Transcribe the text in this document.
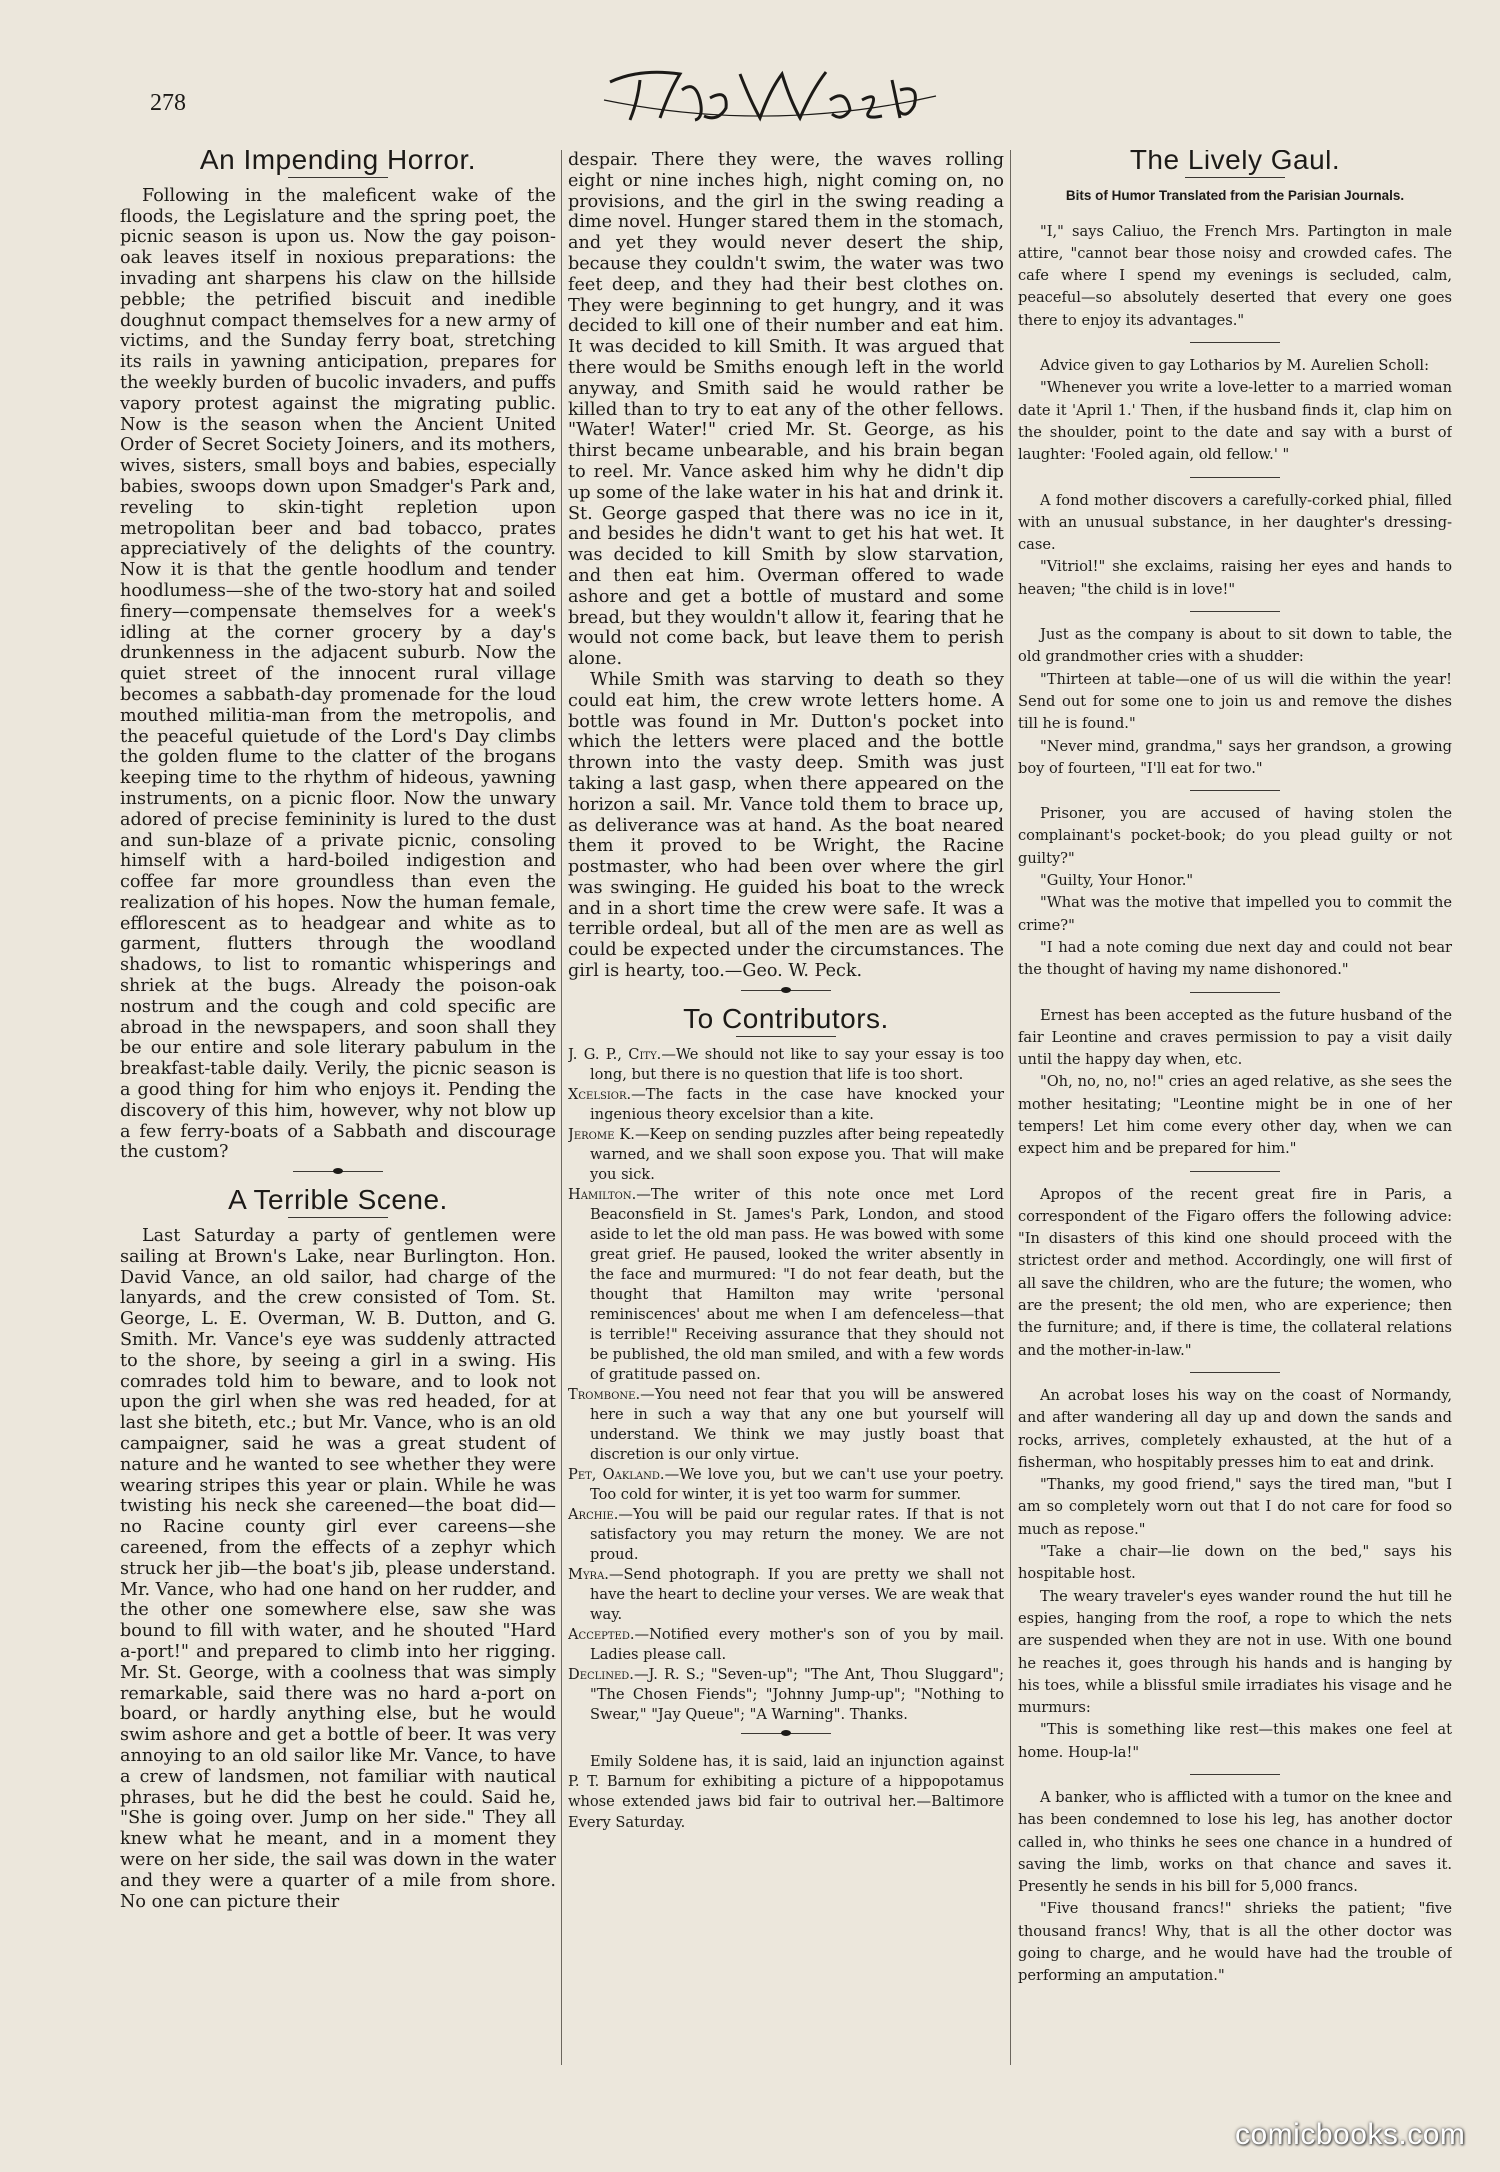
278
An Impending Horror.

Following in the maleficent wake of the floods, the Legislature and the spring poet, the picnic season is upon us. Now the gay poison-oak leaves itself in noxious preparations: the invading ant sharpens his claw on the hillside pebble; the petrified biscuit and inedible doughnut compact themselves for a new army of victims, and the Sunday ferry boat, stretching its rails in yawning anticipation, prepares for the weekly burden of bucolic invaders, and puffs vapory protest against the migrating public. Now is the season when the Ancient United Order of Secret Society Joiners, and its mothers, wives, sisters, small boys and babies, especially babies, swoops down upon Smadger's Park and, reveling to skin-tight repletion upon metropolitan beer and bad tobacco, prates appreciatively of the delights of the country. Now it is that the gentle hoodlum and tender hoodlumess—she of the two-story hat and soiled finery—compensate themselves for a week's idling at the corner grocery by a day's drunkenness in the adjacent suburb. Now the quiet street of the innocent rural village becomes a sabbath-day promenade for the loud mouthed militia-man from the metropolis, and the peaceful quietude of the Lord's Day climbs the golden flume to the clatter of the brogans keeping time to the rhythm of hideous, yawning instruments, on a picnic floor. Now the unwary adored of precise femininity is lured to the dust and sun-blaze of a private picnic, consoling himself with a hard-boiled indigestion and coffee far more groundless than even the realization of his hopes. Now the human female, efflorescent as to headgear and white as to garment, flutters through the woodland shadows, to list to romantic whisperings and shriek at the bugs. Already the poison-oak nostrum and the cough and cold specific are abroad in the newspapers, and soon shall they be our entire and sole literary pabulum in the breakfast-table daily. Verily, the picnic season is a good thing for him who enjoys it. Pending the discovery of this him, however, why not blow up a few ferry-boats of a Sabbath and discourage the custom?

A Terrible Scene.

Last Saturday a party of gentlemen were sailing at Brown's Lake, near Burlington. Hon. David Vance, an old sailor, had charge of the lanyards, and the crew consisted of Tom. St. George, L. E. Overman, W. B. Dutton, and G. Smith. Mr. Vance's eye was suddenly attracted to the shore, by seeing a girl in a swing. His comrades told him to beware, and to look not upon the girl when she was red headed, for at last she biteth, etc.; but Mr. Vance, who is an old campaigner, said he was a great student of nature and he wanted to see whether they were wearing stripes this year or plain. While he was twisting his neck she careened—the boat did—no Racine county girl ever careens—she careened, from the effects of a zephyr which struck her jib—the boat's jib, please understand. Mr. Vance, who had one hand on her rudder, and the other one somewhere else, saw she was bound to fill with water, and he shouted "Hard a-port!" and prepared to climb into her rigging. Mr. St. George, with a coolness that was simply remarkable, said there was no hard a-port on board, or hardly anything else, but he would swim ashore and get a bottle of beer. It was very annoying to an old sailor like Mr. Vance, to have a crew of landsmen, not familiar with nautical phrases, but he did the best he could. Said he, "She is going over. Jump on her side." They all knew what he meant, and in a moment they were on her side, the sail was down in the water and they were a quarter of a mile from shore. No one can picture their

despair. There they were, the waves rolling eight or nine inches high, night coming on, no provisions, and the girl in the swing reading a dime novel. Hunger stared them in the stomach, and yet they would never desert the ship, because they couldn't swim, the water was two feet deep, and they had their best clothes on. They were beginning to get hungry, and it was decided to kill one of their number and eat him. It was decided to kill Smith. It was argued that there would be Smiths enough left in the world anyway, and Smith said he would rather be killed than to try to eat any of the other fellows. "Water! Water!" cried Mr. St. George, as his thirst became unbearable, and his brain began to reel. Mr. Vance asked him why he didn't dip up some of the lake water in his hat and drink it. St. George gasped that there was no ice in it, and besides he didn't want to get his hat wet. It was decided to kill Smith by slow starvation, and then eat him. Overman offered to wade ashore and get a bottle of mustard and some bread, but they wouldn't allow it, fearing that he would not come back, but leave them to perish alone.

While Smith was starving to death so they could eat him, the crew wrote letters home. A bottle was found in Mr. Dutton's pocket into which the letters were placed and the bottle thrown into the vasty deep. Smith was just taking a last gasp, when there appeared on the horizon a sail. Mr. Vance told them to brace up, as deliverance was at hand. As the boat neared them it proved to be Wright, the Racine postmaster, who had been over where the girl was swinging. He guided his boat to the wreck and in a short time the crew were safe. It was a terrible ordeal, but all of the men are as well as could be expected under the circumstances. The girl is hearty, too.—Geo. W. Peck.

To Contributors.

J. G. P., City.—We should not like to say your essay is too long, but there is no question that life is too short.

Xcelsior.—The facts in the case have knocked your ingenious theory excelsior than a kite.

Jerome K.—Keep on sending puzzles after being repeatedly warned, and we shall soon expose you. That will make you sick.

Hamilton.—The writer of this note once met Lord Beaconsfield in St. James's Park, London, and stood aside to let the old man pass. He was bowed with some great grief. He paused, looked the writer absently in the face and murmured: "I do not fear death, but the thought that Hamilton may write 'personal reminiscences' about me when I am defenceless—that is terrible!" Receiving assurance that they should not be published, the old man smiled, and with a few words of gratitude passed on.

Trombone.—You need not fear that you will be answered here in such a way that any one but yourself will understand. We think we may justly boast that discretion is our only virtue.

Pet, Oakland.—We love you, but we can't use your poetry. Too cold for winter, it is yet too warm for summer.

Archie.—You will be paid our regular rates. If that is not satisfactory you may return the money. We are not proud.

Myra.—Send photograph. If you are pretty we shall not have the heart to decline your verses. We are weak that way.

Accepted.—Notified every mother's son of you by mail. Ladies please call.

Declined.—J. R. S.; "Seven-up"; "The Ant, Thou Sluggard"; "The Chosen Fiends"; "Johnny Jump-up"; "Nothing to Swear," "Jay Queue"; "A Warning". Thanks.

Emily Soldene has, it is said, laid an injunction against P. T. Barnum for exhibiting a picture of a hippopotamus whose extended jaws bid fair to outrival her.—Baltimore Every Saturday.

The Lively Gaul.
Bits of Humor Translated from the Parisian Journals.

"I," says Caliuo, the French Mrs. Partington in male attire, "cannot bear those noisy and crowded cafes. The cafe where I spend my evenings is secluded, calm, peaceful—so absolutely deserted that every one goes there to enjoy its advantages."

Advice given to gay Lotharios by M. Aurelien Scholl:

"Whenever you write a love-letter to a married woman date it 'April 1.' Then, if the husband finds it, clap him on the shoulder, point to the date and say with a burst of laughter: 'Fooled again, old fellow.' "

A fond mother discovers a carefully-corked phial, filled with an unusual substance, in her daughter's dressing-case.

"Vitriol!" she exclaims, raising her eyes and hands to heaven; "the child is in love!"

Just as the company is about to sit down to table, the old grandmother cries with a shudder:

"Thirteen at table—one of us will die within the year! Send out for some one to join us and remove the dishes till he is found."

"Never mind, grandma," says her grandson, a growing boy of fourteen, "I'll eat for two."

Prisoner, you are accused of having stolen the complainant's pocket-book; do you plead guilty or not guilty?"

"Guilty, Your Honor."

"What was the motive that impelled you to commit the crime?"

"I had a note coming due next day and could not bear the thought of having my name dishonored."

Ernest has been accepted as the future husband of the fair Leontine and craves permission to pay a visit daily until the happy day when, etc.

"Oh, no, no, no!" cries an aged relative, as she sees the mother hesitating; "Leontine might be in one of her tempers! Let him come every other day, when we can expect him and be prepared for him."

Apropos of the recent great fire in Paris, a correspondent of the Figaro offers the following advice: "In disasters of this kind one should proceed with the strictest order and method. Accordingly, one will first of all save the children, who are the future; the women, who are the present; the old men, who are experience; then the furniture; and, if there is time, the collateral relations and the mother-in-law."

An acrobat loses his way on the coast of Normandy, and after wandering all day up and down the sands and rocks, arrives, completely exhausted, at the hut of a fisherman, who hospitably presses him to eat and drink.

"Thanks, my good friend," says the tired man, "but I am so completely worn out that I do not care for food so much as repose."

"Take a chair—lie down on the bed," says his hospitable host.

The weary traveler's eyes wander round the hut till he espies, hanging from the roof, a rope to which the nets are suspended when they are not in use. With one bound he reaches it, goes through his hands and is hanging by his toes, while a blissful smile irradiates his visage and he murmurs:

"This is something like rest—this makes one feel at home. Houp-la!"

A banker, who is afflicted with a tumor on the knee and has been condemned to lose his leg, has another doctor called in, who thinks he sees one chance in a hundred of saving the limb, works on that chance and saves it. Presently he sends in his bill for 5,000 francs.

"Five thousand francs!" shrieks the patient; "five thousand francs! Why, that is all the other doctor was going to charge, and he would have had the trouble of performing an amputation."

comicbooks.com
